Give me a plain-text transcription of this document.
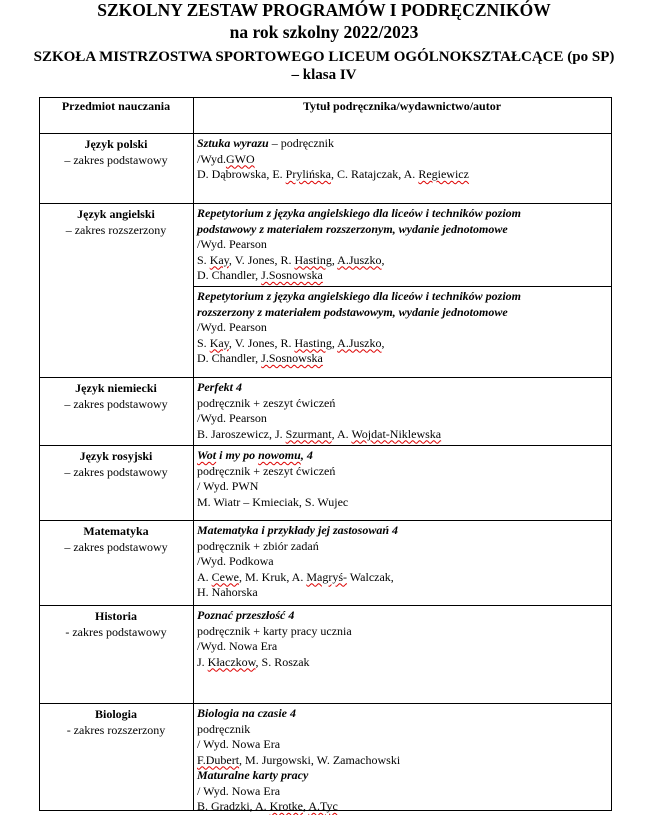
SZKOLNY ZESTAW PROGRAMÓW I PODRĘCZNIKÓW
na rok szkolny 2022/2023
SZKOŁA MISTRZOSTWA SPORTOWEGO LICEUM OGÓLNOKSZTAŁCĄCE (po SP)
– klasa IV
Przedmiot nauczania	Tytuł podręcznika/wydawnictwo/autor
Język polski
– zakres podstawowy
Sztuka wyrazu – podręcznik
/Wyd.GWO
D. Dąbrowska, E. Prylińska, C. Ratajczak, A. Regiewicz
Język angielski
– zakres rozszerzony
Repetytorium z języka angielskiego dla liceów i techników poziom
podstawowy z materiałem rozszerzonym, wydanie jednotomowe
/Wyd. Pearson
S. Kay, V. Jones, R. Hasting, A.Juszko,
D. Chandler, J.Sosnowska
Repetytorium z języka angielskiego dla liceów i techników poziom
rozszerzony z materiałem podstawowym, wydanie jednotomowe
/Wyd. Pearson
S. Kay, V. Jones, R. Hasting, A.Juszko,
D. Chandler, J.Sosnowska
Język niemiecki
– zakres podstawowy
Perfekt 4
podręcznik + zeszyt ćwiczeń
/Wyd. Pearson
B. Jaroszewicz, J. Szurmant, A. Wojdat-Niklewska
Język rosyjski
– zakres podstawowy
Wot i my po nowomu, 4
podręcznik + zeszyt ćwiczeń
/ Wyd. PWN
M. Wiatr – Kmieciak, S. Wujec
Matematyka
– zakres podstawowy
Matematyka i przykłady jej zastosowań 4
podręcznik + zbiór zadań
/Wyd. Podkowa
A. Cewe, M. Kruk, A. Magryś- Walczak,
H. Nahorska
Historia
- zakres podstawowy
Poznać przeszłość 4
podręcznik + karty pracy ucznia
/Wyd. Nowa Era
J. Kłaczkow, S. Roszak
Biologia
- zakres rozszerzony
Biologia na czasie 4
podręcznik
/ Wyd. Nowa Era
F.Dubert, M. Jurgowski, W. Zamachowski
Maturalne karty pracy
/ Wyd. Nowa Era
B. Gradzki, A. Krotke, A.Tyc
